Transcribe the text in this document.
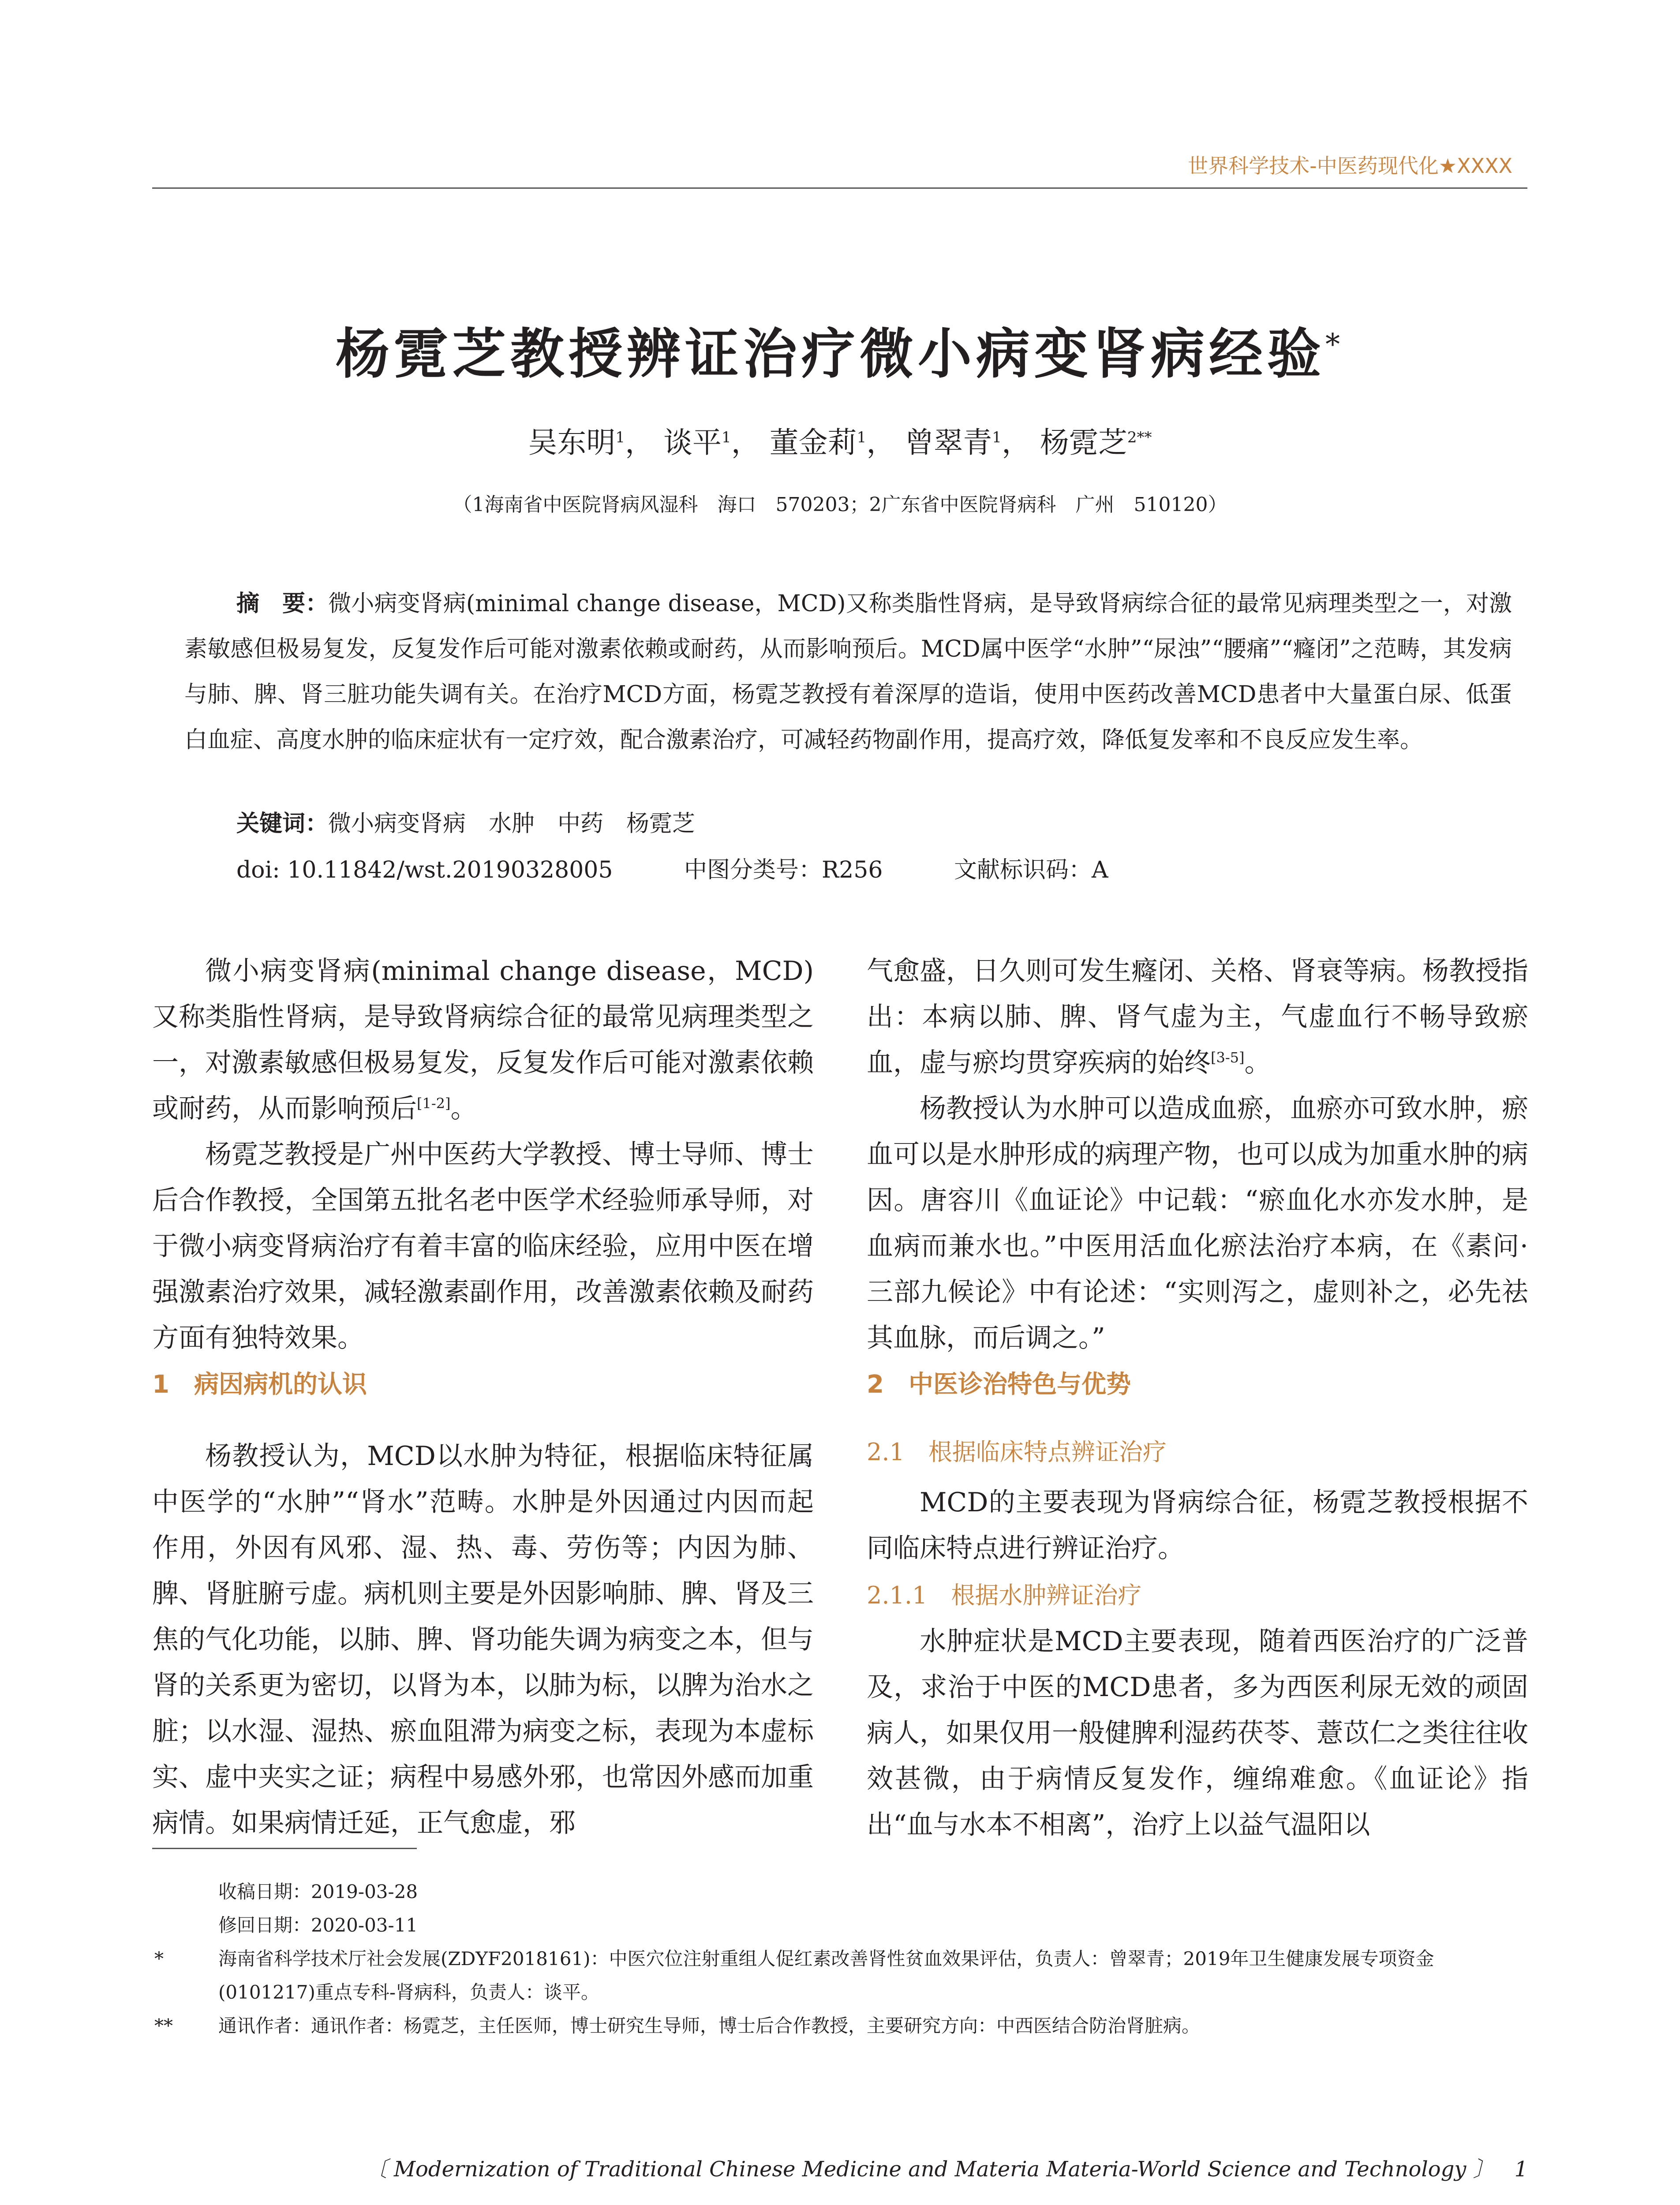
世界科学技术-中医药现代化★XXXX
杨霓芝教授辨证治疗微小病变肾病经验*
吴东明$^1$， 谈平$^1$， 董金莉$^1$， 曾翠青$^1$， 杨霓芝$^{2**}$
（1海南省中医院肾病风湿科　海口　570203；2广东省中医院肾病科　广州　510120）
摘　要：微小病变肾病(minimal change disease，MCD)又称类脂性肾病，是导致肾病综合征的最常见病理类型之一，对激素敏感但极易复发，反复发作后可能对激素依赖或耐药，从而影响预后。MCD属中医学“水肿”“尿浊”“腰痛”“癃闭”之范畴，其发病与肺、脾、肾三脏功能失调有关。在治疗MCD方面，杨霓芝教授有着深厚的造诣，使用中医药改善MCD患者中大量蛋白尿、低蛋白血症、高度水肿的临床症状有一定疗效，配合激素治疗，可减轻药物副作用，提高疗效，降低复发率和不良反应发生率。
关键词：微小病变肾病　水肿　中药　杨霓芝
doi: 10.11842/wst.20190328005	中图分类号：R256	文献标识码：A

微小病变肾病(minimal change disease，MCD)又称类脂性肾病，是导致肾病综合征的最常见病理类型之一，对激素敏感但极易复发，反复发作后可能对激素依赖或耐药，从而影响预后[1-2]。

杨霓芝教授是广州中医药大学教授、博士导师、博士后合作教授，全国第五批名老中医学术经验师承导师，对于微小病变肾病治疗有着丰富的临床经验，应用中医在增强激素治疗效果，减轻激素副作用，改善激素依赖及耐药方面有独特效果。

1　病因病机的认识

杨教授认为，MCD以水肿为特征，根据临床特征属中医学的“水肿”“肾水”范畴。水肿是外因通过内因而起作用，外因有风邪、湿、热、毒、劳伤等；内因为肺、脾、肾脏腑亏虚。病机则主要是外因影响肺、脾、肾及三焦的气化功能，以肺、脾、肾功能失调为病变之本，但与肾的关系更为密切，以肾为本，以肺为标，以脾为治水之脏；以水湿、湿热、瘀血阻滞为病变之标，表现为本虚标实、虚中夹实之证；病程中易感外邪，也常因外感而加重病情。如果病情迁延，正气愈虚，邪

气愈盛，日久则可发生癃闭、关格、肾衰等病。杨教授指出：本病以肺、脾、肾气虚为主，气虚血行不畅导致瘀血，虚与瘀均贯穿疾病的始终[3-5]。

杨教授认为水肿可以造成血瘀，血瘀亦可致水肿，瘀血可以是水肿形成的病理产物，也可以成为加重水肿的病因。唐容川《血证论》中记载：“瘀血化水亦发水肿，是血病而兼水也。”中医用活血化瘀法治疗本病，在《素问·三部九候论》中有论述：“实则泻之，虚则补之，必先祛其血脉，而后调之。”

2　中医诊治特色与优势
2.1　根据临床特点辨证治疗

MCD的主要表现为肾病综合征，杨霓芝教授根据不同临床特点进行辨证治疗。

2.1.1　根据水肿辨证治疗

水肿症状是MCD主要表现，随着西医治疗的广泛普及，求治于中医的MCD患者，多为西医利尿无效的顽固病人，如果仅用一般健脾利湿药茯苓、薏苡仁之类往往收效甚微，由于病情反复发作，缠绵难愈。《血证论》指出“血与水本不相离”，治疗上以益气温阳以

收稿日期：2019-03-28
修回日期：2020-03-11
*	海南省科学技术厅社会发展(ZDYF2018161)：中医穴位注射重组人促红素改善肾性贫血效果评估，负责人：曾翠青；2019年卫生健康发展专项资金(0101217)重点专科-肾病科，负责人：谈平。
** 通讯作者：通讯作者：杨霓芝，主任医师，博士研究生导师，博士后合作教授，主要研究方向：中西医结合防治肾脏病。
〔 Modernization of Traditional Chinese Medicine and Materia Materia-World Science and Technology 〕 1
